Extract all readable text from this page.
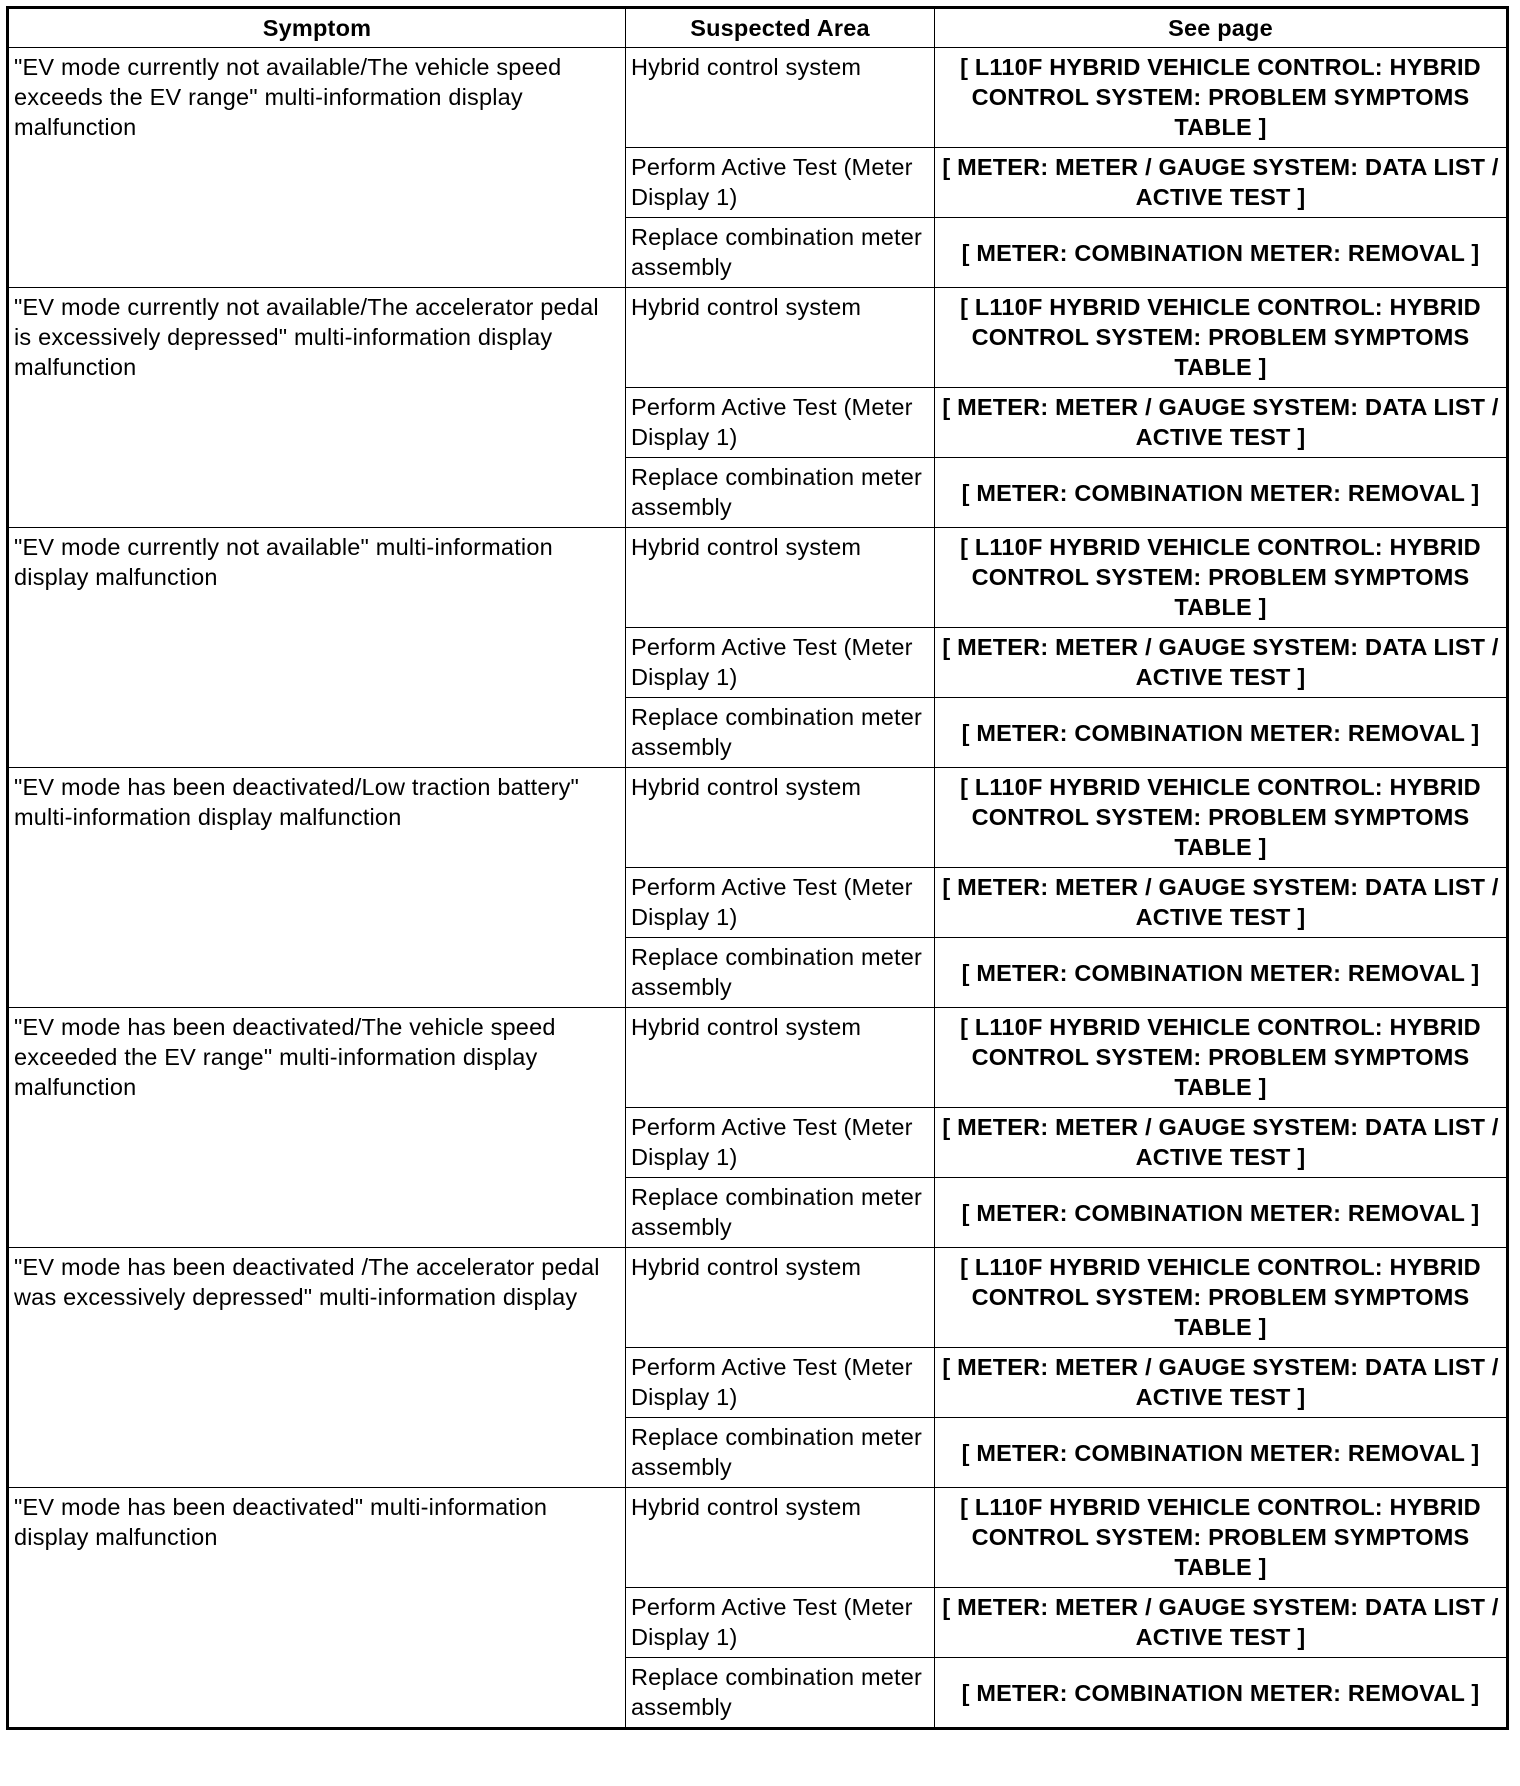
Symptom	Suspected Area	See page
"EV mode currently not available/The vehicle speed exceeds the EV range" multi-information display malfunction	Hybrid control system	[ L110F HYBRID VEHICLE CONTROL: HYBRID CONTROL SYSTEM: PROBLEM SYMPTOMS TABLE ]
	Perform Active Test (Meter Display 1)	[ METER: METER / GAUGE SYSTEM: DATA LIST / ACTIVE TEST ]
	Replace combination meter assembly	[ METER: COMBINATION METER: REMOVAL ]
"EV mode currently not available/The accelerator pedal is excessively depressed" multi-information display malfunction	Hybrid control system	[ L110F HYBRID VEHICLE CONTROL: HYBRID CONTROL SYSTEM: PROBLEM SYMPTOMS TABLE ]
	Perform Active Test (Meter Display 1)	[ METER: METER / GAUGE SYSTEM: DATA LIST / ACTIVE TEST ]
	Replace combination meter assembly	[ METER: COMBINATION METER: REMOVAL ]
"EV mode currently not available" multi-information display malfunction	Hybrid control system	[ L110F HYBRID VEHICLE CONTROL: HYBRID CONTROL SYSTEM: PROBLEM SYMPTOMS TABLE ]
	Perform Active Test (Meter Display 1)	[ METER: METER / GAUGE SYSTEM: DATA LIST / ACTIVE TEST ]
	Replace combination meter assembly	[ METER: COMBINATION METER: REMOVAL ]
"EV mode has been deactivated/Low traction battery" multi-information display malfunction	Hybrid control system	[ L110F HYBRID VEHICLE CONTROL: HYBRID CONTROL SYSTEM: PROBLEM SYMPTOMS TABLE ]
	Perform Active Test (Meter Display 1)	[ METER: METER / GAUGE SYSTEM: DATA LIST / ACTIVE TEST ]
	Replace combination meter assembly	[ METER: COMBINATION METER: REMOVAL ]
"EV mode has been deactivated/The vehicle speed exceeded the EV range" multi-information display malfunction	Hybrid control system	[ L110F HYBRID VEHICLE CONTROL: HYBRID CONTROL SYSTEM: PROBLEM SYMPTOMS TABLE ]
	Perform Active Test (Meter Display 1)	[ METER: METER / GAUGE SYSTEM: DATA LIST / ACTIVE TEST ]
	Replace combination meter assembly	[ METER: COMBINATION METER: REMOVAL ]
"EV mode has been deactivated /The accelerator pedal was excessively depressed" multi-information display	Hybrid control system	[ L110F HYBRID VEHICLE CONTROL: HYBRID CONTROL SYSTEM: PROBLEM SYMPTOMS TABLE ]
	Perform Active Test (Meter Display 1)	[ METER: METER / GAUGE SYSTEM: DATA LIST / ACTIVE TEST ]
	Replace combination meter assembly	[ METER: COMBINATION METER: REMOVAL ]
"EV mode has been deactivated" multi-information display malfunction	Hybrid control system	[ L110F HYBRID VEHICLE CONTROL: HYBRID CONTROL SYSTEM: PROBLEM SYMPTOMS TABLE ]
	Perform Active Test (Meter Display 1)	[ METER: METER / GAUGE SYSTEM: DATA LIST / ACTIVE TEST ]
	Replace combination meter assembly	[ METER: COMBINATION METER: REMOVAL ]
